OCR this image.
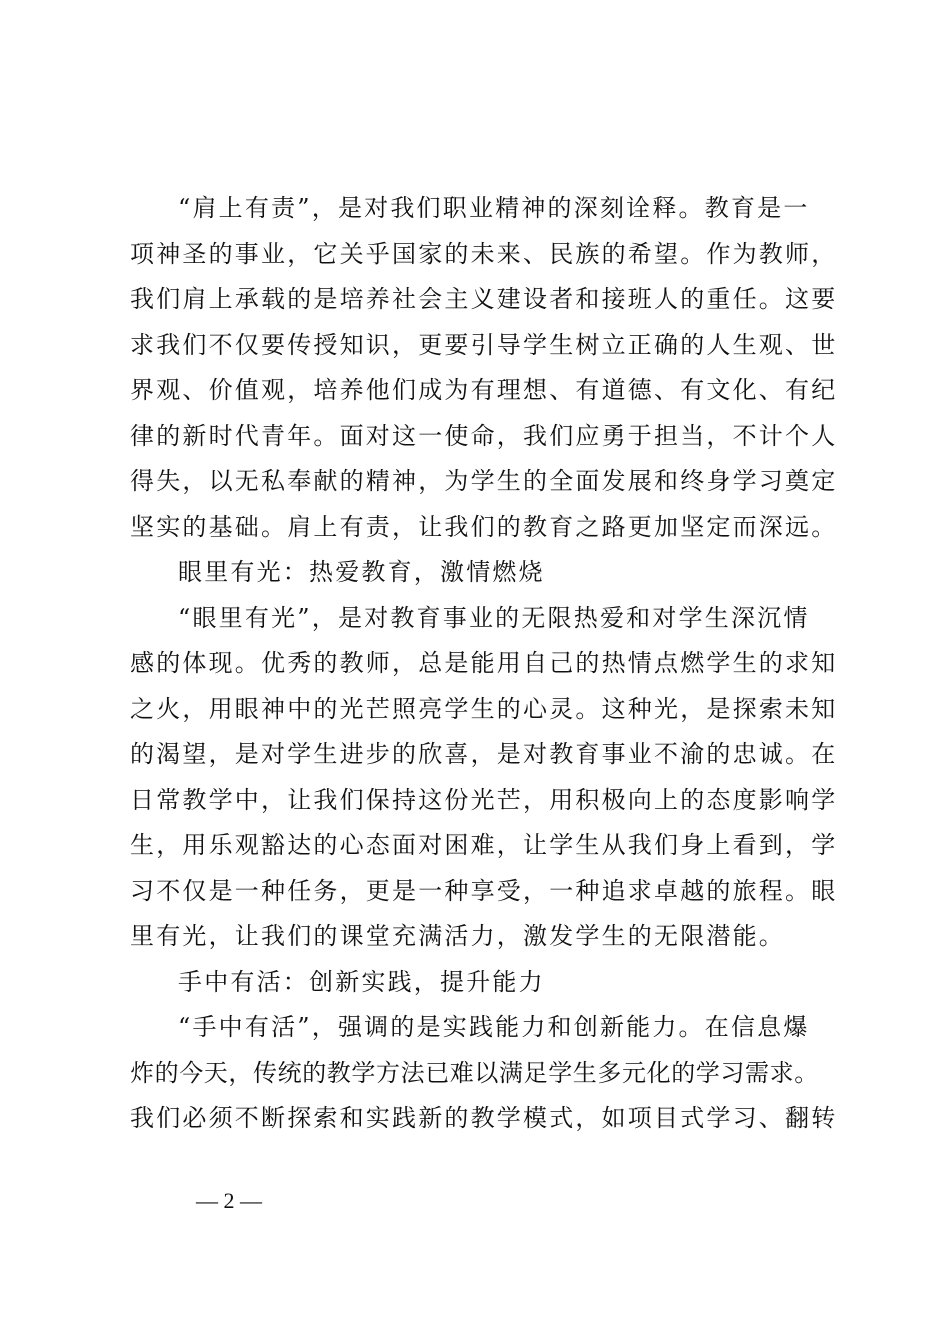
“肩上有责”，是对我们职业精神的深刻诠释。教育是一
项神圣的事业，它关乎国家的未来、民族的希望。作为教师，
我们肩上承载的是培养社会主义建设者和接班人的重任。这要
求我们不仅要传授知识，更要引导学生树立正确的人生观、世
界观、价值观，培养他们成为有理想、有道德、有文化、有纪
律的新时代青年。面对这一使命，我们应勇于担当，不计个人
得失，以无私奉献的精神，为学生的全面发展和终身学习奠定
坚实的基础。肩上有责，让我们的教育之路更加坚定而深远。
眼里有光：热爱教育，激情燃烧
“眼里有光”，是对教育事业的无限热爱和对学生深沉情
感的体现。优秀的教师，总是能用自己的热情点燃学生的求知
之火，用眼神中的光芒照亮学生的心灵。这种光，是探索未知
的渴望，是对学生进步的欣喜，是对教育事业不渝的忠诚。在
日常教学中，让我们保持这份光芒，用积极向上的态度影响学
生，用乐观豁达的心态面对困难，让学生从我们身上看到，学
习不仅是一种任务，更是一种享受，一种追求卓越的旅程。眼
里有光，让我们的课堂充满活力，激发学生的无限潜能。
手中有活：创新实践，提升能力
“手中有活”，强调的是实践能力和创新能力。在信息爆
炸的今天，传统的教学方法已难以满足学生多元化的学习需求。
我们必须不断探索和实践新的教学模式，如项目式学习、翻转
— 2 —
